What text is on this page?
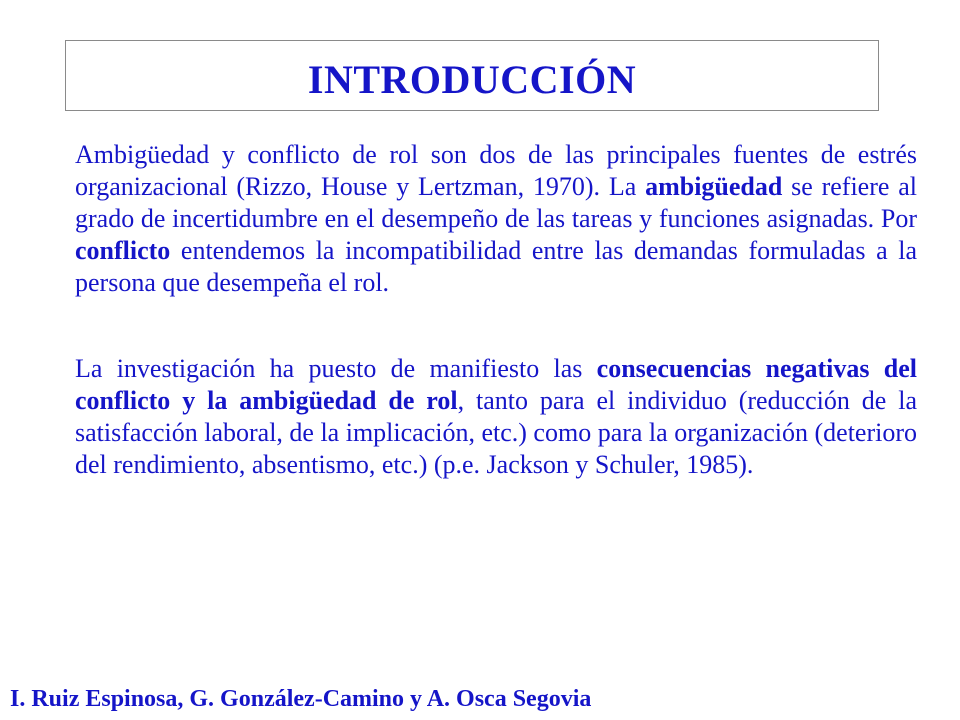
INTRODUCCIÓN

Ambigüedad y conflicto de rol son dos de las principales fuentes de estrés organizacional (Rizzo, House y Lertzman, 1970). La ambigüedad se refiere al grado de incertidumbre en el desempeño de las tareas y funciones asignadas. Por conflicto entendemos la incompatibilidad entre las demandas formuladas a la persona que desempeña el rol.

La investigación ha puesto de manifiesto las consecuencias negativas del conflicto y la ambigüedad de rol, tanto para el individuo (reducción de la satisfacción laboral, de la implicación, etc.) como para la organización (deterioro del rendimiento, absentismo, etc.) (p.e. Jackson y Schuler, 1985).

I. Ruiz Espinosa, G. González-Camino y A. Osca Segovia
